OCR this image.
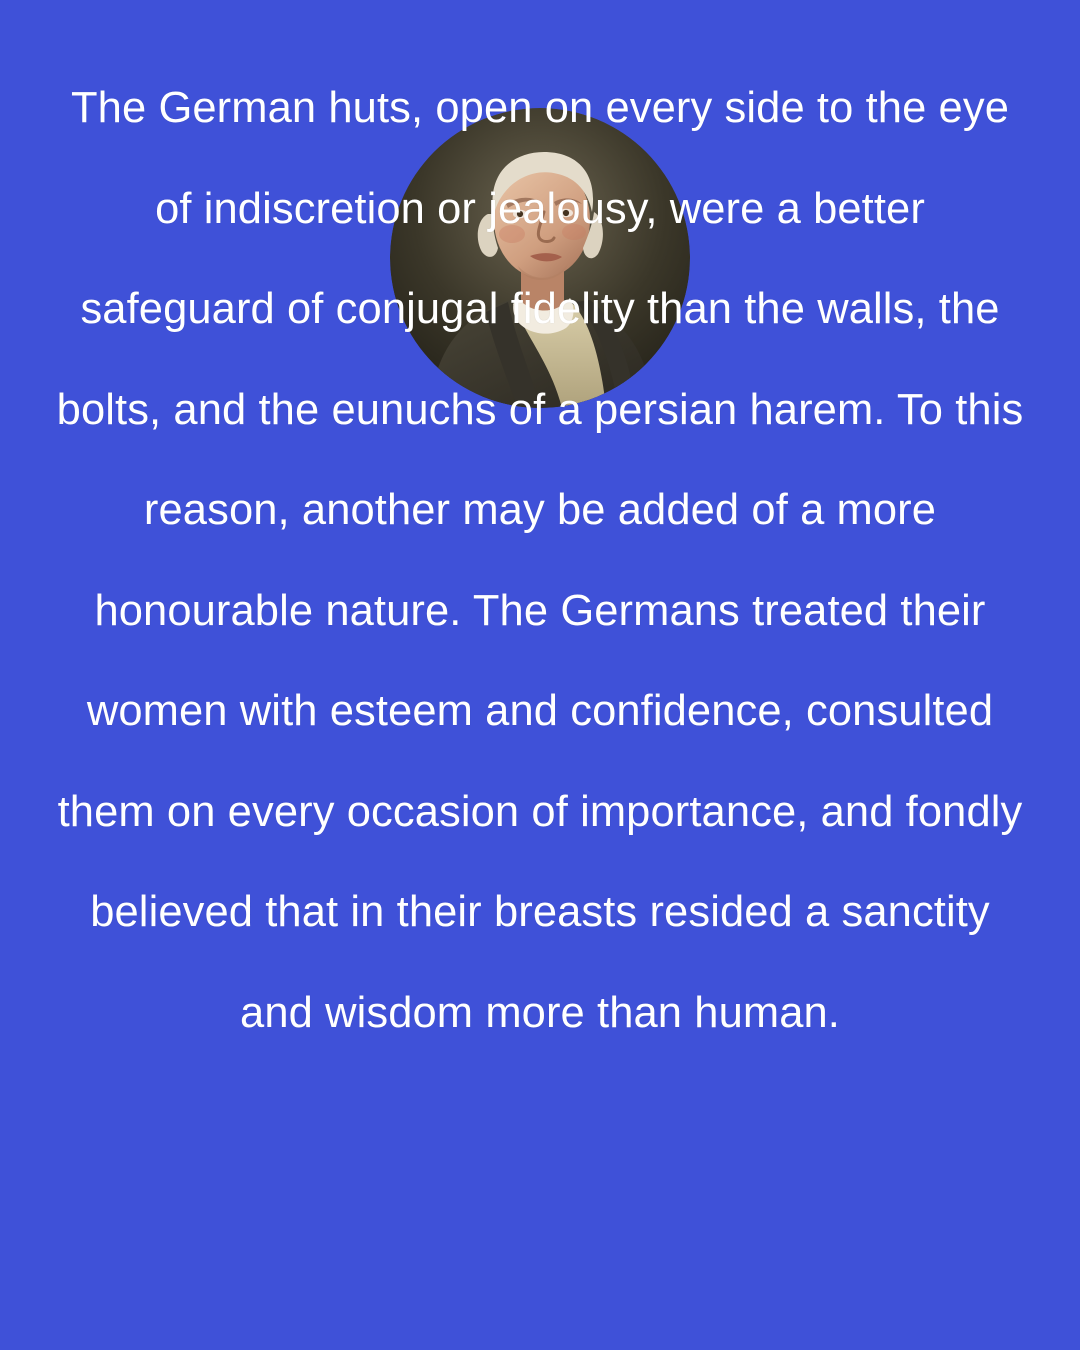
The German huts, open on every side to the eye of indiscretion or jealousy, were a better safeguard of conjugal fidelity than the walls, the bolts, and the eunuchs of a persian harem. To this reason, another may be added of a more honourable nature. The Germans treated their women with esteem and confidence, consulted them on every occasion of importance, and fondly believed that in their breasts resided a sanctity and wisdom more than human.
